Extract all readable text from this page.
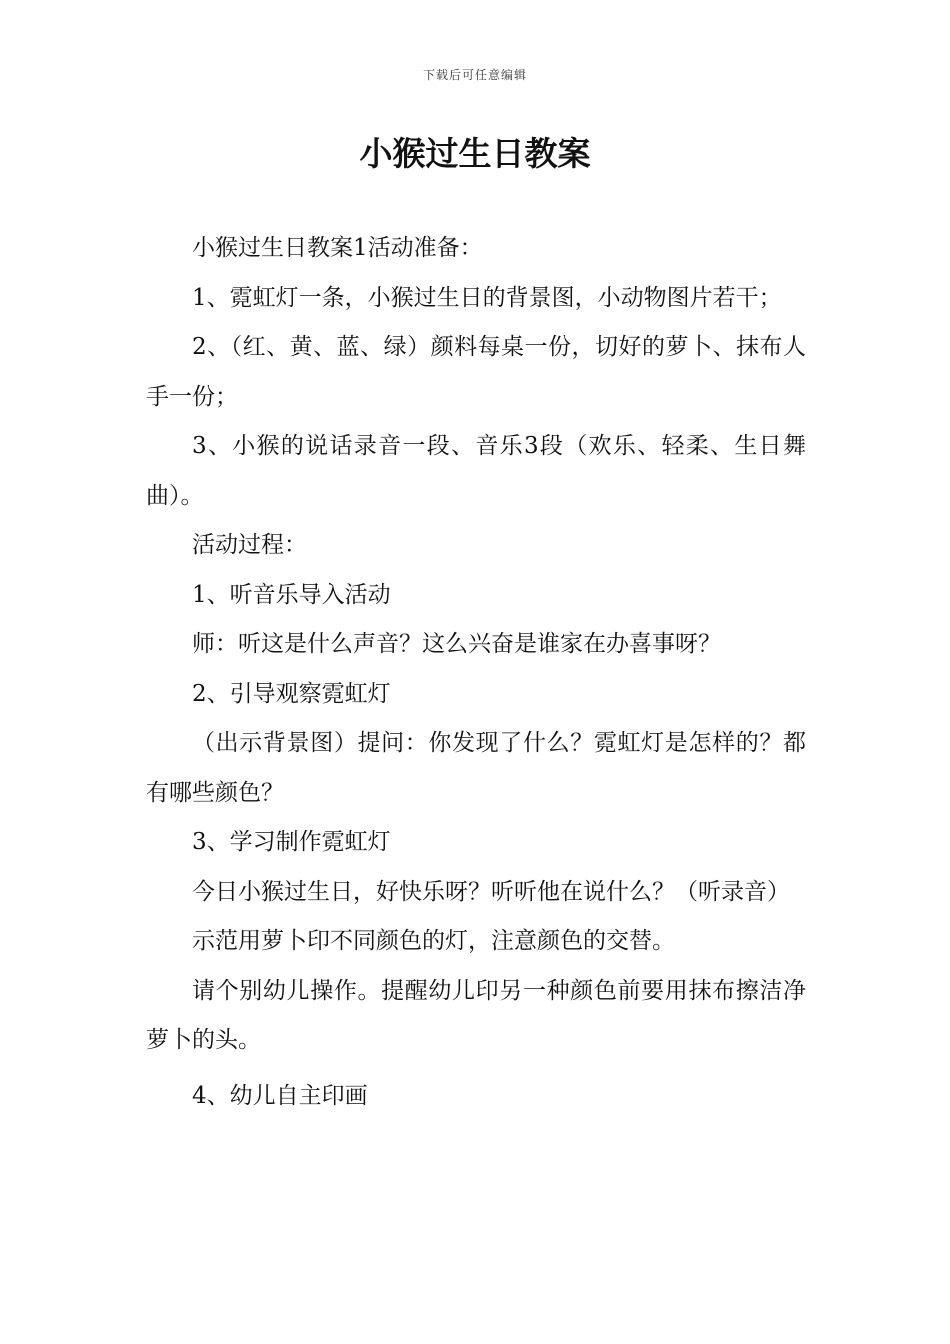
下载后可任意编辑
小猴过生日教案

小猴过生日教案1活动准备：

1、霓虹灯一条，小猴过生日的背景图，小动物图片若干；

2、（红、黄、蓝、绿）颜料每桌一份，切好的萝卜、抹布人手一份；

3、小猴的说话录音一段、音乐3段（欢乐、轻柔、生日舞曲）。

活动过程：

1、听音乐导入活动

师：听这是什么声音？这么兴奋是谁家在办喜事呀？

2、引导观察霓虹灯

（出示背景图）提问：你发现了什么？霓虹灯是怎样的？都有哪些颜色？

3、学习制作霓虹灯

今日小猴过生日，好快乐呀？听听他在说什么？（听录音）

示范用萝卜印不同颜色的灯，注意颜色的交替。

请个别幼儿操作。提醒幼儿印另一种颜色前要用抹布擦洁净萝卜的头。

4、幼儿自主印画
